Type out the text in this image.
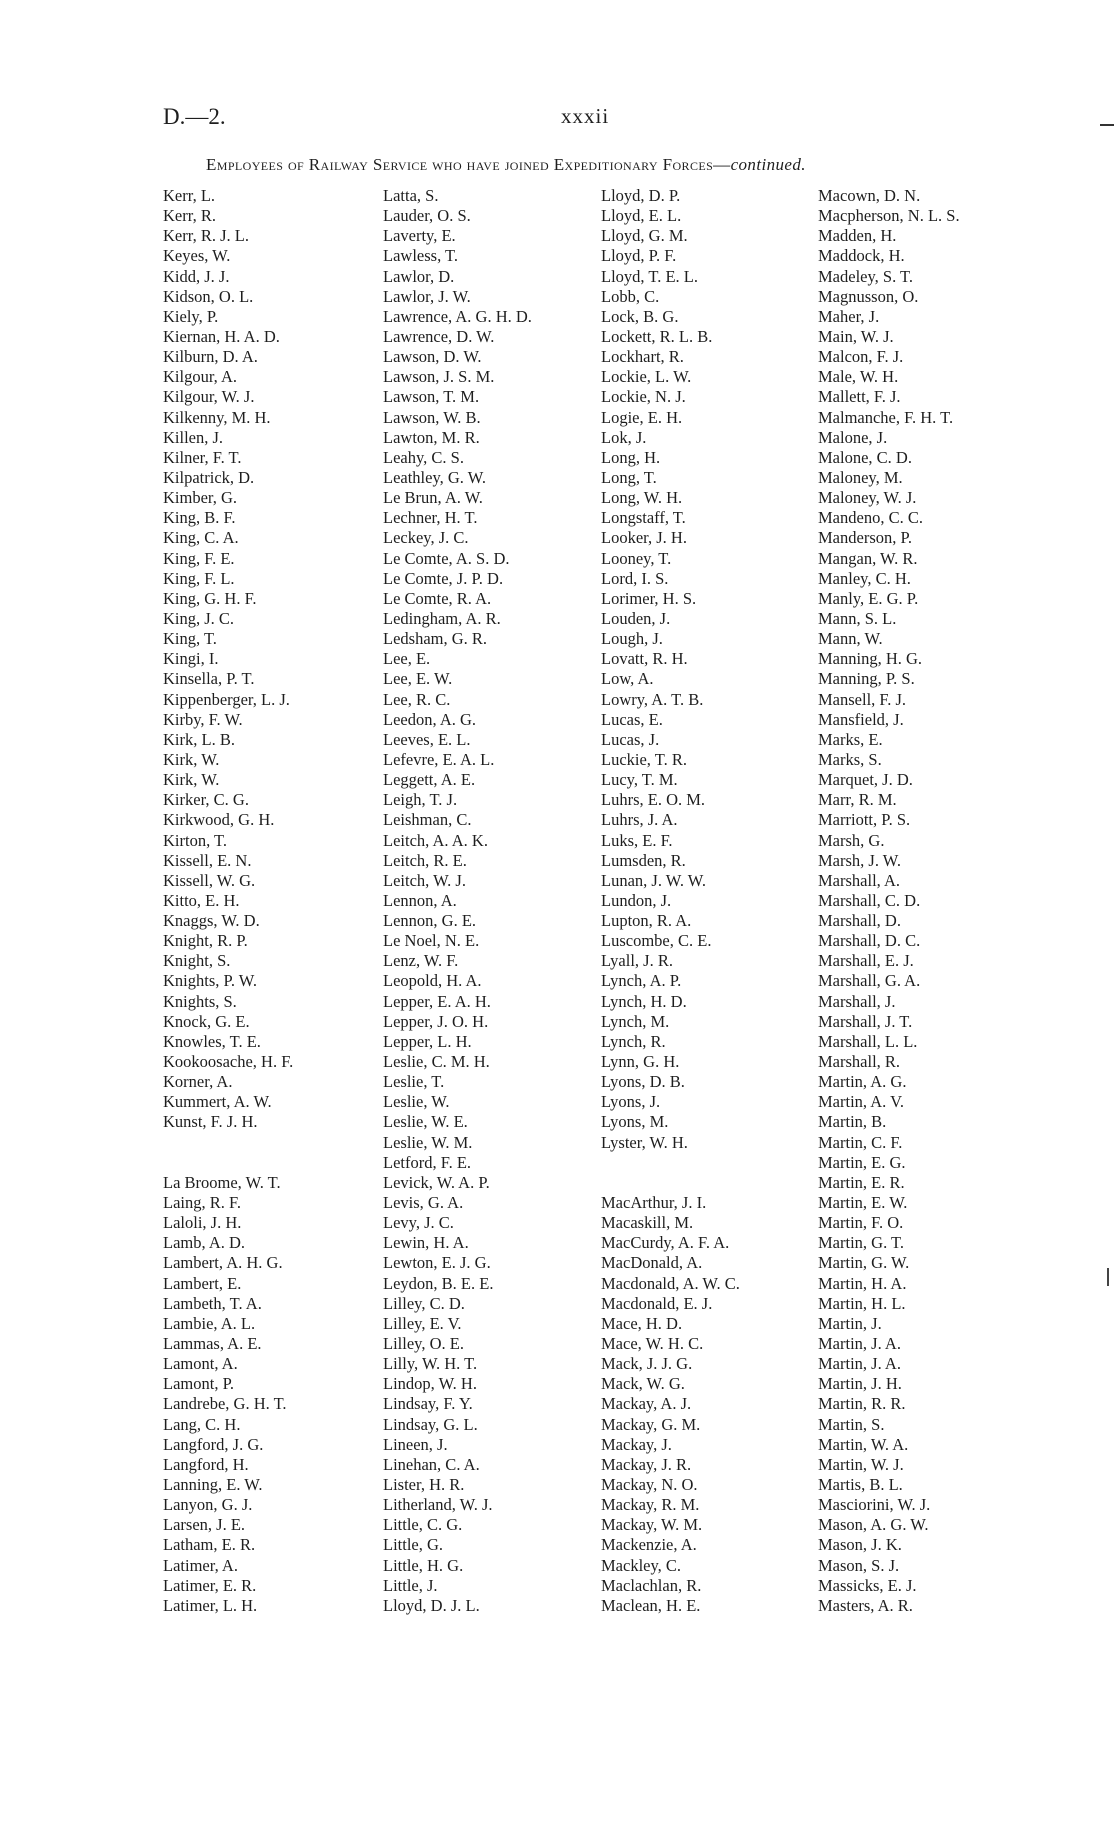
D.—2.	xxxii
Employees of Railway Service who have joined Expeditionary Forces—continued.
Kerr, L.
Kerr, R.
Kerr, R. J. L.
Keyes, W.
Kidd, J. J.
Kidson, O. L.
Kiely, P.
Kiernan, H. A. D.
Kilburn, D. A.
Kilgour, A.
Kilgour, W. J.
Kilkenny, M. H.
Killen, J.
Kilner, F. T.
Kilpatrick, D.
Kimber, G.
King, B. F.
King, C. A.
King, F. E.
King, F. L.
King, G. H. F.
King, J. C.
King, T.
Kingi, I.
Kinsella, P. T.
Kippenberger, L. J.
Kirby, F. W.
Kirk, L. B.
Kirk, W.
Kirk, W.
Kirker, C. G.
Kirkwood, G. H.
Kirton, T.
Kissell, E. N.
Kissell, W. G.
Kitto, E. H.
Knaggs, W. D.
Knight, R. P.
Knight, S.
Knights, P. W.
Knights, S.
Knock, G. E.
Knowles, T. E.
Kookoosache, H. F.
Korner, A.
Kummert, A. W.
Kunst, F. J. H.
La Broome, W. T.
Laing, R. F.
Laloli, J. H.
Lamb, A. D.
Lambert, A. H. G.
Lambert, E.
Lambeth, T. A.
Lambie, A. L.
Lammas, A. E.
Lamont, A.
Lamont, P.
Landrebe, G. H. T.
Lang, C. H.
Langford, J. G.
Langford, H.
Lanning, E. W.
Lanyon, G. J.
Larsen, J. E.
Latham, E. R.
Latimer, A.
Latimer, E. R.
Latimer, L. H.
Latta, S.
Lauder, O. S.
Laverty, E.
Lawless, T.
Lawlor, D.
Lawlor, J. W.
Lawrence, A. G. H. D.
Lawrence, D. W.
Lawson, D. W.
Lawson, J. S. M.
Lawson, T. M.
Lawson, W. B.
Lawton, M. R.
Leahy, C. S.
Leathley, G. W.
Le Brun, A. W.
Lechner, H. T.
Leckey, J. C.
Le Comte, A. S. D.
Le Comte, J. P. D.
Le Comte, R. A.
Ledingham, A. R.
Ledsham, G. R.
Lee, E.
Lee, E. W.
Lee, R. C.
Leedon, A. G.
Leeves, E. L.
Lefevre, E. A. L.
Leggett, A. E.
Leigh, T. J.
Leishman, C.
Leitch, A. A. K.
Leitch, R. E.
Leitch, W. J.
Lennon, A.
Lennon, G. E.
Le Noel, N. E.
Lenz, W. F.
Leopold, H. A.
Lepper, E. A. H.
Lepper, J. O. H.
Lepper, L. H.
Leslie, C. M. H.
Leslie, T.
Leslie, W.
Leslie, W. E.
Leslie, W. M.
Letford, F. E.
Levick, W. A. P.
Levis, G. A.
Levy, J. C.
Lewin, H. A.
Lewton, E. J. G.
Leydon, B. E. E.
Lilley, C. D.
Lilley, E. V.
Lilley, O. E.
Lilly, W. H. T.
Lindop, W. H.
Lindsay, F. Y.
Lindsay, G. L.
Lineen, J.
Linehan, C. A.
Lister, H. R.
Litherland, W. J.
Little, C. G.
Little, G.
Little, H. G.
Little, J.
Lloyd, D. J. L.
Lloyd, D. P.
Lloyd, E. L.
Lloyd, G. M.
Lloyd, P. F.
Lloyd, T. E. L.
Lobb, C.
Lock, B. G.
Lockett, R. L. B.
Lockhart, R.
Lockie, L. W.
Lockie, N. J.
Logie, E. H.
Lok, J.
Long, H.
Long, T.
Long, W. H.
Longstaff, T.
Looker, J. H.
Looney, T.
Lord, I. S.
Lorimer, H. S.
Louden, J.
Lough, J.
Lovatt, R. H.
Low, A.
Lowry, A. T. B.
Lucas, E.
Lucas, J.
Luckie, T. R.
Lucy, T. M.
Luhrs, E. O. M.
Luhrs, J. A.
Luks, E. F.
Lumsden, R.
Lunan, J. W. W.
Lundon, J.
Lupton, R. A.
Luscombe, C. E.
Lyall, J. R.
Lynch, A. P.
Lynch, H. D.
Lynch, M.
Lynch, R.
Lynn, G. H.
Lyons, D. B.
Lyons, J.
Lyons, M.
Lyster, W. H.
MacArthur, J. I.
Macaskill, M.
MacCurdy, A. F. A.
MacDonald, A.
Macdonald, A. W. C.
Macdonald, E. J.
Mace, H. D.
Mace, W. H. C.
Mack, J. J. G.
Mack, W. G.
Mackay, A. J.
Mackay, G. M.
Mackay, J.
Mackay, J. R.
Mackay, N. O.
Mackay, R. M.
Mackay, W. M.
Mackenzie, A.
Mackley, C.
Maclachlan, R.
Maclean, H. E.
Macown, D. N.
Macpherson, N. L. S.
Madden, H.
Maddock, H.
Madeley, S. T.
Magnusson, O.
Maher, J.
Main, W. J.
Malcon, F. J.
Male, W. H.
Mallett, F. J.
Malmanche, F. H. T.
Malone, J.
Malone, C. D.
Maloney, M.
Maloney, W. J.
Mandeno, C. C.
Manderson, P.
Mangan, W. R.
Manley, C. H.
Manly, E. G. P.
Mann, S. L.
Mann, W.
Manning, H. G.
Manning, P. S.
Mansell, F. J.
Mansfield, J.
Marks, E.
Marks, S.
Marquet, J. D.
Marr, R. M.
Marriott, P. S.
Marsh, G.
Marsh, J. W.
Marshall, A.
Marshall, C. D.
Marshall, D.
Marshall, D. C.
Marshall, E. J.
Marshall, G. A.
Marshall, J.
Marshall, J. T.
Marshall, L. L.
Marshall, R.
Martin, A. G.
Martin, A. V.
Martin, B.
Martin, C. F.
Martin, E. G.
Martin, E. R.
Martin, E. W.
Martin, F. O.
Martin, G. T.
Martin, G. W.
Martin, H. A.
Martin, H. L.
Martin, J.
Martin, J. A.
Martin, J. A.
Martin, J. H.
Martin, R. R.
Martin, S.
Martin, W. A.
Martin, W. J.
Martis, B. L.
Masciorini, W. J.
Mason, A. G. W.
Mason, J. K.
Mason, S. J.
Massicks, E. J.
Masters, A. R.
